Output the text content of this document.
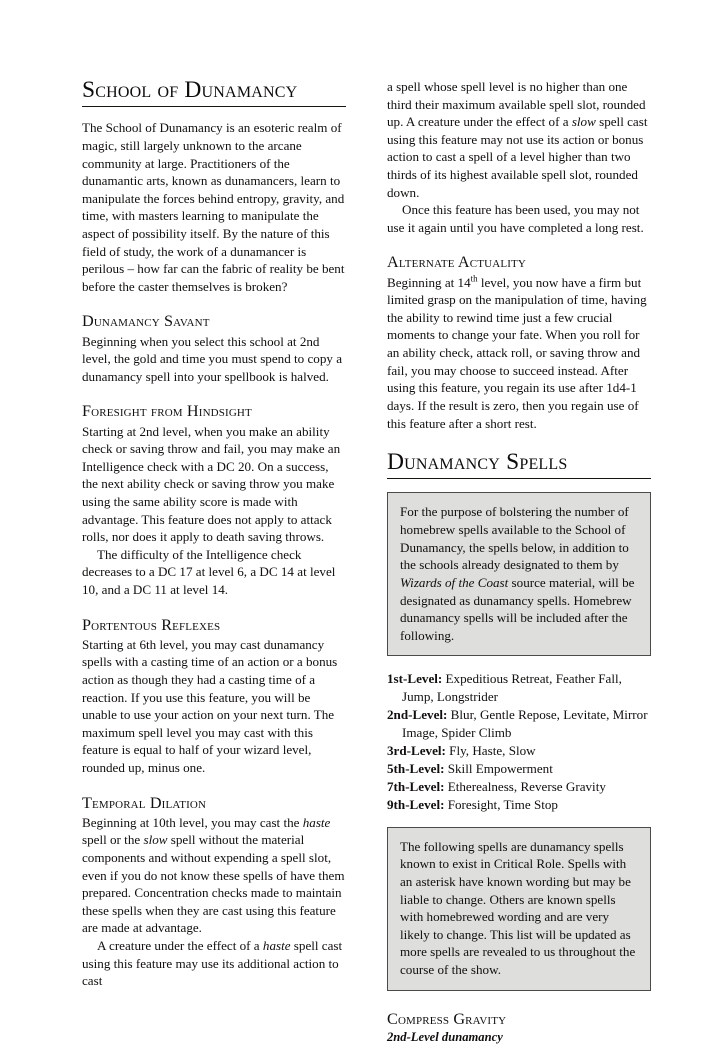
School of Dunamancy

The School of Dunamancy is an esoteric realm of magic, still largely unknown to the arcane community at large. Practitioners of the dunamantic arts, known as dunamancers, learn to manipulate the forces behind entropy, gravity, and time, with masters learning to manipulate the aspect of possibility itself. By the nature of this field of study, the work of a dunamancer is perilous – how far can the fabric of reality be bent before the caster themselves is broken?

Dunamancy Savant

Beginning when you select this school at 2nd level, the gold and time you must spend to copy a dunamancy spell into your spellbook is halved.

Foresight from Hindsight

Starting at 2nd level, when you make an ability check or saving throw and fail, you may make an Intelligence check with a DC 20. On a success, the next ability check or saving throw you make using the same ability score is made with advantage. This feature does not apply to attack rolls, nor does it apply to death saving throws.

The difficulty of the Intelligence check decreases to a DC 17 at level 6, a DC 14 at level 10, and a DC 11 at level 14.

Portentous Reflexes

Starting at 6th level, you may cast dunamancy spells with a casting time of an action or a bonus action as though they had a casting time of a reaction. If you use this feature, you will be unable to use your action on your next turn. The maximum spell level you may cast with this feature is equal to half of your wizard level, rounded up, minus one.

Temporal Dilation

Beginning at 10th level, you may cast the haste spell or the slow spell without the material components and without expending a spell slot, even if you do not know these spells of have them prepared. Concentration checks made to maintain these spells when they are cast using this feature are made at advantage.

A creature under the effect of a haste spell cast using this feature may use its additional action to cast

a spell whose spell level is no higher than one third their maximum available spell slot, rounded up. A creature under the effect of a slow spell cast using this feature may not use its action or bonus action to cast a spell of a level higher than two thirds of its highest available spell slot, rounded down.

Once this feature has been used, you may not use it again until you have completed a long rest.

Alternate Actuality

Beginning at 14th level, you now have a firm but limited grasp on the manipulation of time, having the ability to rewind time just a few crucial moments to change your fate. When you roll for an ability check, attack roll, or saving throw and fail, you may choose to succeed instead. After using this feature, you regain its use after 1d4-1 days. If the result is zero, then you regain use of this feature after a short rest.

Dunamancy Spells

For the purpose of bolstering the number of homebrew spells available to the School of Dunamancy, the spells below, in addition to the schools already designated to them by Wizards of the Coast source material, will be designated as dunamancy spells. Homebrew dunamancy spells will be included after the following.

1st-Level: Expeditious Retreat, Feather Fall, Jump, Longstrider
2nd-Level: Blur, Gentle Repose, Levitate, Mirror Image, Spider Climb
3rd-Level: Fly, Haste, Slow
5th-Level: Skill Empowerment
7th-Level: Etherealness, Reverse Gravity
9th-Level: Foresight, Time Stop

The following spells are dunamancy spells known to exist in Critical Role. Spells with an asterisk have known wording but may be liable to change. Others are known spells with homebrewed wording and are very likely to change. This list will be updated as more spells are revealed to us throughout the course of the show.

Compress Gravity

2nd-Level dunamancy
